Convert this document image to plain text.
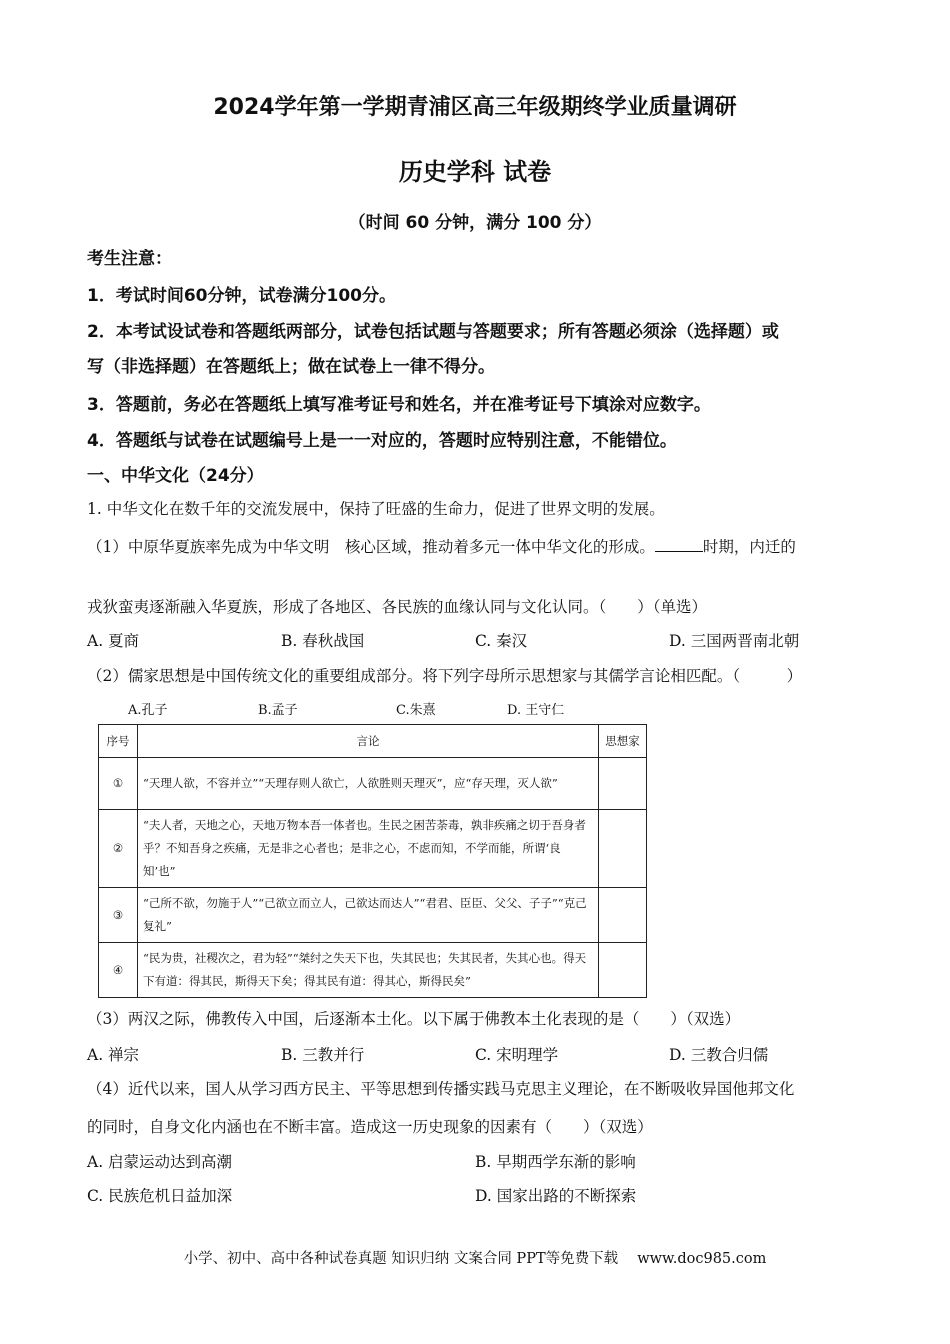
2024学年第一学期青浦区高三年级期终学业质量调研
历史学科 试卷
（时间 60 分钟，满分 100 分）
考生注意：
1．考试时间60分钟，试卷满分100分。
2．本考试设试卷和答题纸两部分，试卷包括试题与答题要求；所有答题必须涂（选择题）或
写（非选择题）在答题纸上；做在试卷上一律不得分。
3．答题前，务必在答题纸上填写准考证号和姓名，并在准考证号下填涂对应数字。
4．答题纸与试卷在试题编号上是一一对应的，答题时应特别注意，不能错位。
一、中华文化（24分）
1. 中华文化在数千年的交流发展中，保持了旺盛的生命力，促进了世界文明的发展。
（1）中原华夏族率先成为中华文明　核心区域，推动着多元一体中华文化的形成。	时期，内迁的
戎狄蛮夷逐渐融入华夏族，形成了各地区、各民族的血缘认同与文化认同。（　　）（单选）
A. 夏商	B. 春秋战国	C. 秦汉	D. 三国两晋南北朝
（2）儒家思想是中国传统文化的重要组成部分。将下列字母所示思想家与其儒学言论相匹配。（　　　）
A.孔子	B.孟子	C.朱熹	D. 王守仁
序号	言论	思想家
①	“天理人欲，不容并立”“天理存则人欲亡，人欲胜则天理灭”，应“存天理，灭人欲”	
②	“夫人者，天地之心，天地万物本吾一体者也。生民之困苦荼毒，孰非疾痛之切于吾身者乎？不知吾身之疾痛，无是非之心者也；是非之心，不虑而知，不学而能，所谓‘良知’也”	
③	“己所不欲，勿施于人”“己欲立而立人，己欲达而达人”“君君、臣臣、父父、子子”“克己复礼”	
④	“民为贵，社稷次之，君为轻”“桀纣之失天下也，失其民也；失其民者，失其心也。得天下有道：得其民，斯得天下矣；得其民有道：得其心，斯得民矣”	
（3）两汉之际，佛教传入中国，后逐渐本土化。以下属于佛教本土化表现的是（　　）（双选）
A. 禅宗	B. 三教并行	C. 宋明理学	D. 三教合归儒
（4）近代以来，国人从学习西方民主、平等思想到传播实践马克思主义理论，在不断吸收异国他邦文化
的同时，自身文化内涵也在不断丰富。造成这一历史现象的因素有（　　）（双选）
A. 启蒙运动达到高潮	B. 早期西学东渐的影响
C. 民族危机日益加深	D. 国家出路的不断探索
小学、初中、高中各种试卷真题 知识归纳 文案合同 PPT等免费下载　 www.doc985.com
